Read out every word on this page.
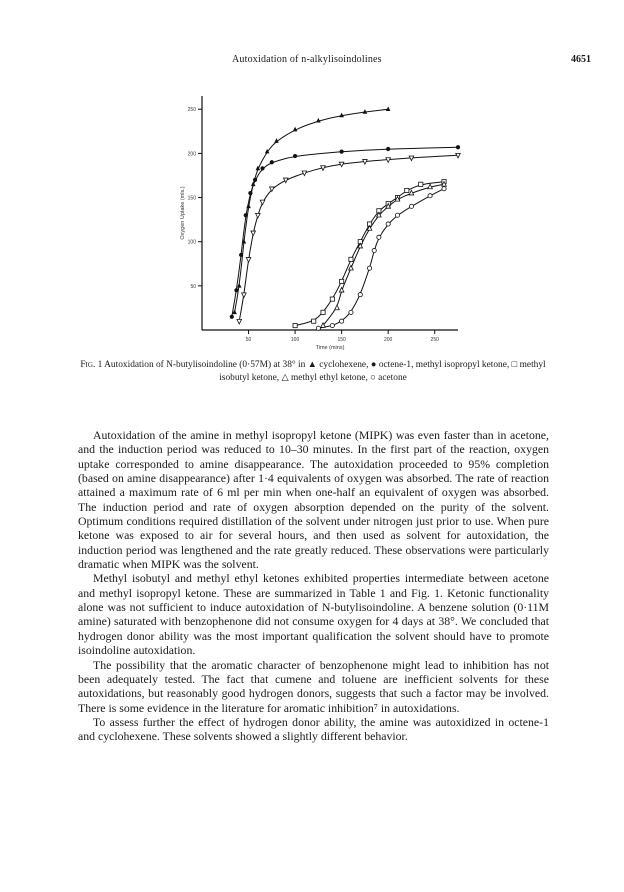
Autoxidation of n-alkylisoindolines	4651
50
100
150
200
250
50	100	150	200	250
Time (mins)
Oxygen Uptake (mls.)
Fig. 1 Autoxidation of N-butylisoindoline (0·57M) at 38° in ▲ cyclohexene, ● octene-1, methyl isopropyl ketone, □ methyl isobutyl ketone, △ methyl ethyl ketone, ○ acetone

Autoxidation of the amine in methyl isopropyl ketone (MIPK) was even faster than in acetone, and the induction period was reduced to 10–30 minutes. In the first part of the reaction, oxygen uptake corresponded to amine disappearance. The autoxidation proceeded to 95% completion (based on amine disappearance) after 1·4 equivalents of oxygen was absorbed. The rate of reaction attained a maximum rate of 6 ml per min when one-half an equivalent of oxygen was absorbed. The induction period and rate of oxygen absorption depended on the purity of the solvent. Optimum conditions required distillation of the solvent under nitrogen just prior to use. When pure ketone was exposed to air for several hours, and then used as solvent for autoxidation, the induction period was lengthened and the rate greatly reduced. These observations were particularly dramatic when MIPK was the solvent.

Methyl isobutyl and methyl ethyl ketones exhibited properties intermediate between acetone and methyl isopropyl ketone. These are summarized in Table 1 and Fig. 1. Ketonic functionality alone was not sufficient to induce autoxidation of N-butylisoindoline. A benzene solution (0·11M amine) saturated with benzophenone did not consume oxygen for 4 days at 38°. We concluded that hydrogen donor ability was the most important qualification the solvent should have to promote isoindoline autoxidation.

The possibility that the aromatic character of benzophenone might lead to inhibition has not been adequately tested. The fact that cumene and toluene are inefficient solvents for these autoxidations, but reasonably good hydrogen donors, suggests that such a factor may be involved. There is some evidence in the literature for aromatic inhibition⁷ in autoxidations.

To assess further the effect of hydrogen donor ability, the amine was autoxidized in octene-1 and cyclohexene. These solvents showed a slightly different behavior.
